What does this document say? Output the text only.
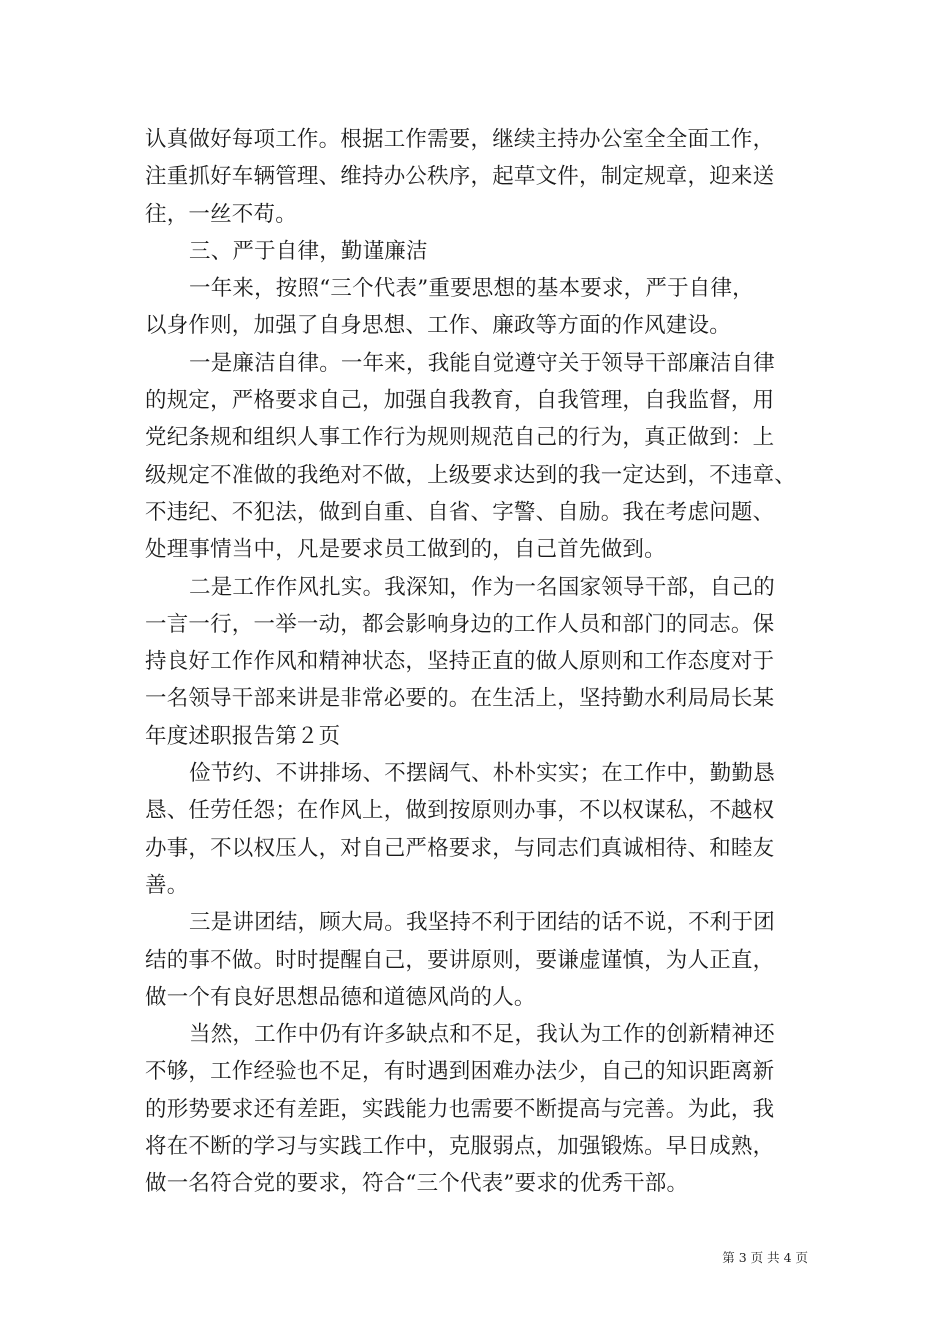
认真做好每项工作。根据工作需要，继续主持办公室全全面工作，
注重抓好车辆管理、维持办公秩序，起草文件，制定规章，迎来送
往，一丝不苟。
三、严于自律，勤谨廉洁
一年来，按照“三个代表”重要思想的基本要求，严于自律，
以身作则，加强了自身思想、工作、廉政等方面的作风建设。
一是廉洁自律。一年来，我能自觉遵守关于领导干部廉洁自律
的规定，严格要求自己，加强自我教育，自我管理，自我监督，用
党纪条规和组织人事工作行为规则规范自己的行为，真正做到：上
级规定不准做的我绝对不做，上级要求达到的我一定达到，不违章、
不违纪、不犯法，做到自重、自省、字警、自励。我在考虑问题、
处理事情当中，凡是要求员工做到的，自己首先做到。
二是工作作风扎实。我深知，作为一名国家领导干部，自己的
一言一行，一举一动，都会影响身边的工作人员和部门的同志。保
持良好工作作风和精神状态，坚持正直的做人原则和工作态度对于
一名领导干部来讲是非常必要的。在生活上，坚持勤水利局局长某
年度述职报告第２页
俭节约、不讲排场、不摆阔气、朴朴实实；在工作中，勤勤恳
恳、任劳任怨；在作风上，做到按原则办事，不以权谋私，不越权
办事，不以权压人，对自己严格要求，与同志们真诚相待、和睦友
善。
三是讲团结，顾大局。我坚持不利于团结的话不说，不利于团
结的事不做。时时提醒自己，要讲原则，要谦虚谨慎，为人正直，
做一个有良好思想品德和道德风尚的人。
当然，工作中仍有许多缺点和不足，我认为工作的创新精神还
不够，工作经验也不足，有时遇到困难办法少，自己的知识距离新
的形势要求还有差距，实践能力也需要不断提高与完善。为此，我
将在不断的学习与实践工作中，克服弱点，加强锻炼。早日成熟，
做一名符合党的要求，符合“三个代表”要求的优秀干部。
第 3 页 共 4 页
